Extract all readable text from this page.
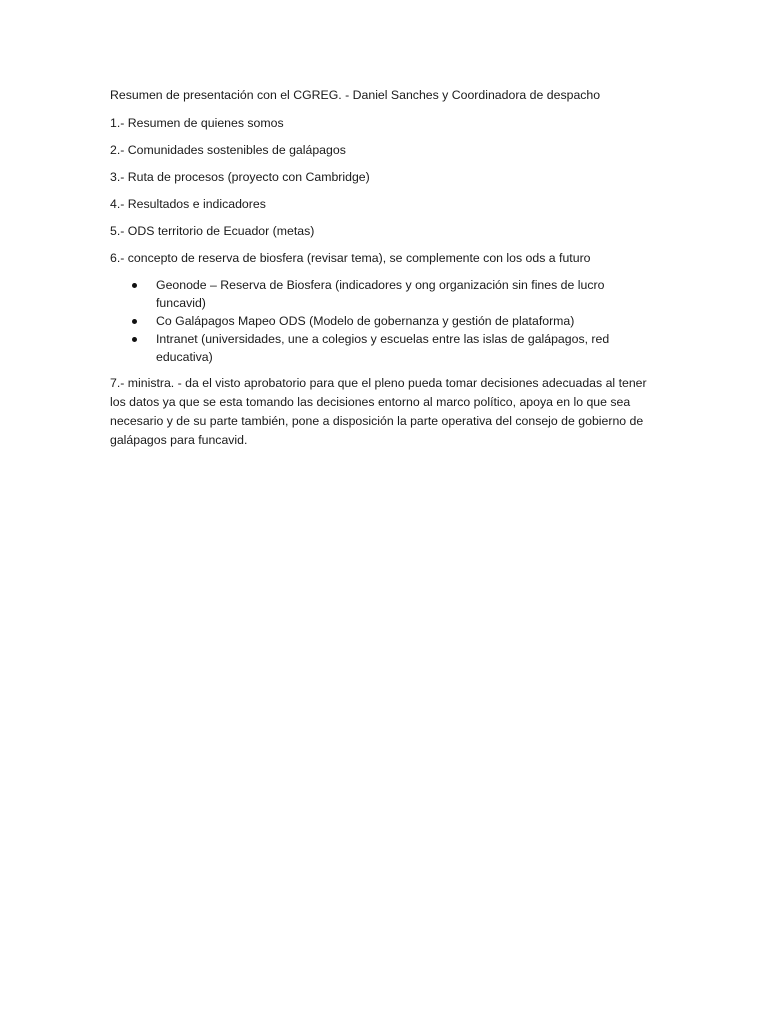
Resumen de presentación con el CGREG. - Daniel Sanches y Coordinadora de despacho
1.- Resumen de quienes somos
2.- Comunidades sostenibles de galápagos
3.- Ruta de procesos (proyecto con Cambridge)
4.- Resultados e indicadores
5.- ODS territorio de Ecuador (metas)
6.- concepto de reserva de biosfera (revisar tema), se complemente con los ods a futuro
Geonode – Reserva de Biosfera (indicadores y ong organización sin fines de lucro funcavid)
Co Galápagos Mapeo ODS (Modelo de gobernanza y gestión de plataforma)
Intranet (universidades, une a colegios y escuelas entre las islas de galápagos, red educativa)
7.- ministra. - da el visto aprobatorio para que el pleno pueda tomar decisiones adecuadas al tener los datos ya que se esta tomando las decisiones entorno al marco político, apoya en lo que sea necesario y de su parte también, pone a disposición la parte operativa del consejo de gobierno de galápagos para funcavid.
